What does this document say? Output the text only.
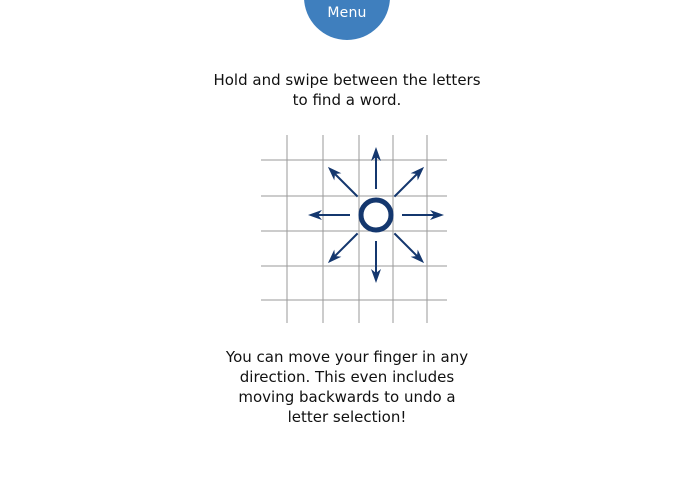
Menu
Hold and swipe between the letters
to find a word.
You can move your finger in any
direction. This even includes
moving backwards to undo a
letter selection!
